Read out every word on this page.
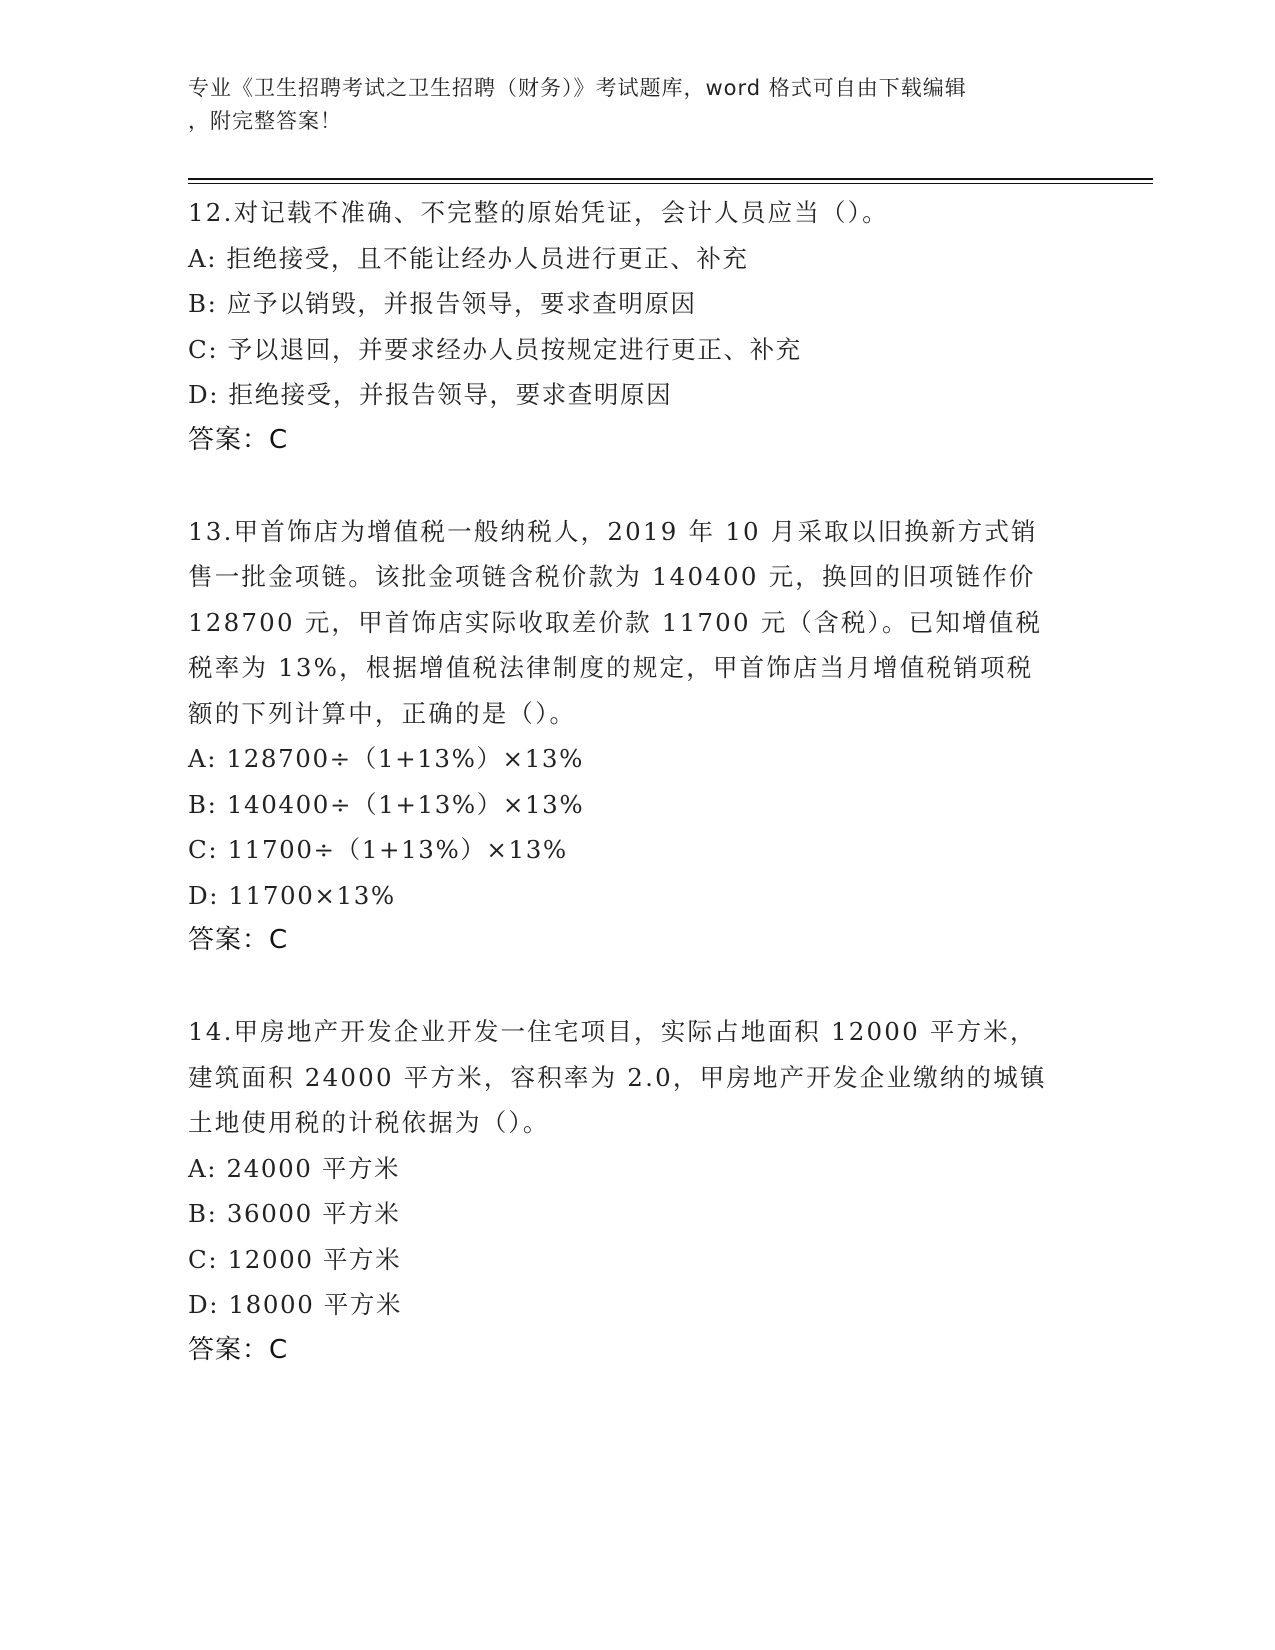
专业《卫生招聘考试之卫生招聘（财务）》考试题库，word 格式可自由下载编辑
，附完整答案！
12.对记载不准确、不完整的原始凭证，会计人员应当（）。
A: 拒绝接受，且不能让经办人员进行更正、补充
B: 应予以销毁，并报告领导，要求查明原因
C: 予以退回，并要求经办人员按规定进行更正、补充
D: 拒绝接受，并报告领导，要求查明原因
答案：C
13.甲首饰店为增值税一般纳税人，2019 年 10 月采取以旧换新方式销
售一批金项链。该批金项链含税价款为 140400 元，换回的旧项链作价
128700 元，甲首饰店实际收取差价款 11700 元（含税）。已知增值税
税率为 13%，根据增值税法律制度的规定，甲首饰店当月增值税销项税
额的下列计算中，正确的是（）。
A: 128700÷（1+13%）×13%
B: 140400÷（1+13%）×13%
C: 11700÷（1+13%）×13%
D: 11700×13%
答案：C
14.甲房地产开发企业开发一住宅项目，实际占地面积 12000 平方米，
建筑面积 24000 平方米，容积率为 2.0，甲房地产开发企业缴纳的城镇
土地使用税的计税依据为（）。
A: 24000 平方米
B: 36000 平方米
C: 12000 平方米
D: 18000 平方米
答案：C
